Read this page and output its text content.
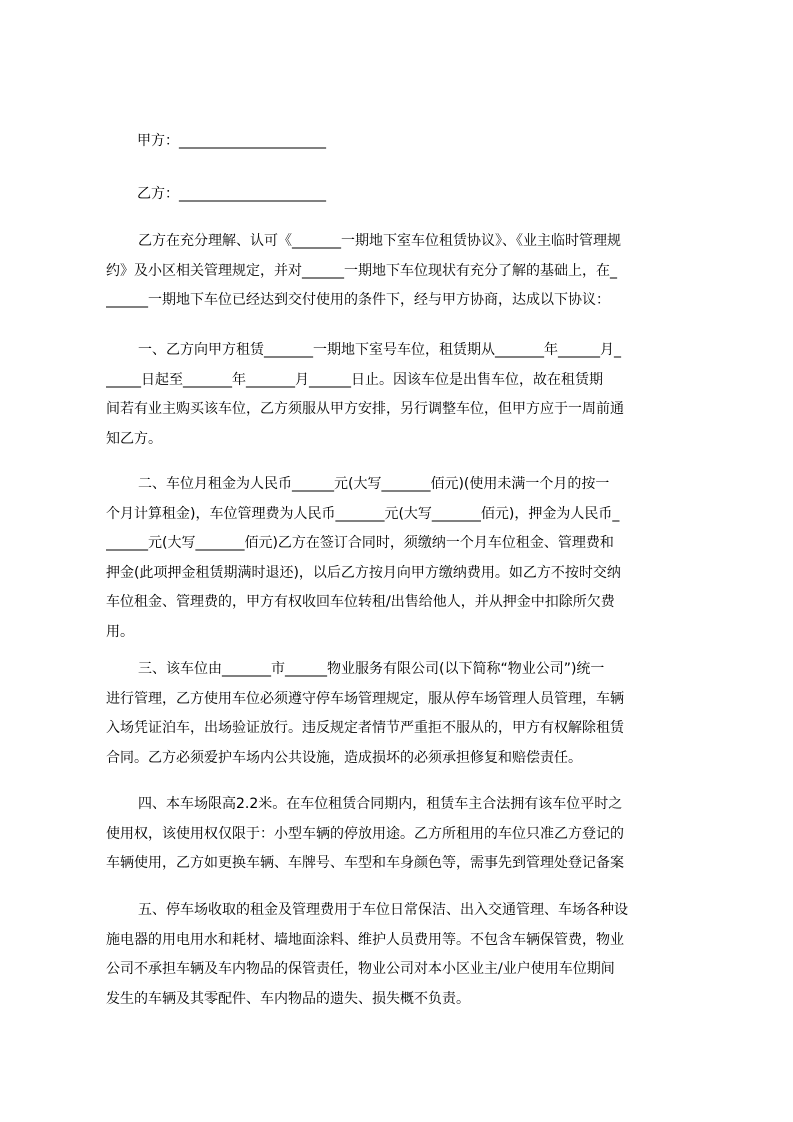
甲方：_____________________
乙方：_____________________
乙方在充分理解、认可《_______一期地下室车位租赁协议》、《业主临时管理规
约》及小区相关管理规定，并对______一期地下车位现状有充分了解的基础上，在_
______一期地下车位已经达到交付使用的条件下，经与甲方协商，达成以下协议：
一、乙方向甲方租赁_______一期地下室号车位，租赁期从_______年______月_
_____日起至_______年_______月______日止。因该车位是出售车位，故在租赁期
间若有业主购买该车位，乙方须服从甲方安排，另行调整车位，但甲方应于一周前通
知乙方。
二、车位月租金为人民币______元(大写_______佰元)(使用未满一个月的按一
个月计算租金)，车位管理费为人民币_______元(大写_______佰元)，押金为人民币_
______元(大写_______佰元)乙方在签订合同时，须缴纳一个月车位租金、管理费和
押金(此项押金租赁期满时退还)，以后乙方按月向甲方缴纳费用。如乙方不按时交纳
车位租金、管理费的，甲方有权收回车位转租/出售给他人，并从押金中扣除所欠费
用。
三、该车位由_______市______物业服务有限公司(以下简称“物业公司”)统一
进行管理，乙方使用车位必须遵守停车场管理规定，服从停车场管理人员管理，车辆
入场凭证泊车，出场验证放行。违反规定者情节严重拒不服从的，甲方有权解除租赁
合同。乙方必须爱护车场内公共设施，造成损坏的必须承担修复和赔偿责任。
四、本车场限高2.2米。在车位租赁合同期内，租赁车主合法拥有该车位平时之
使用权，该使用权仅限于：小型车辆的停放用途。乙方所租用的车位只准乙方登记的
车辆使用，乙方如更换车辆、车牌号、车型和车身颜色等，需事先到管理处登记备案
五、停车场收取的租金及管理费用于车位日常保洁、出入交通管理、车场各种设
施电器的用电用水和耗材、墙地面涂料、维护人员费用等。不包含车辆保管费，物业
公司不承担车辆及车内物品的保管责任，物业公司对本小区业主/业户使用车位期间
发生的车辆及其零配件、车内物品的遗失、损失概不负责。
